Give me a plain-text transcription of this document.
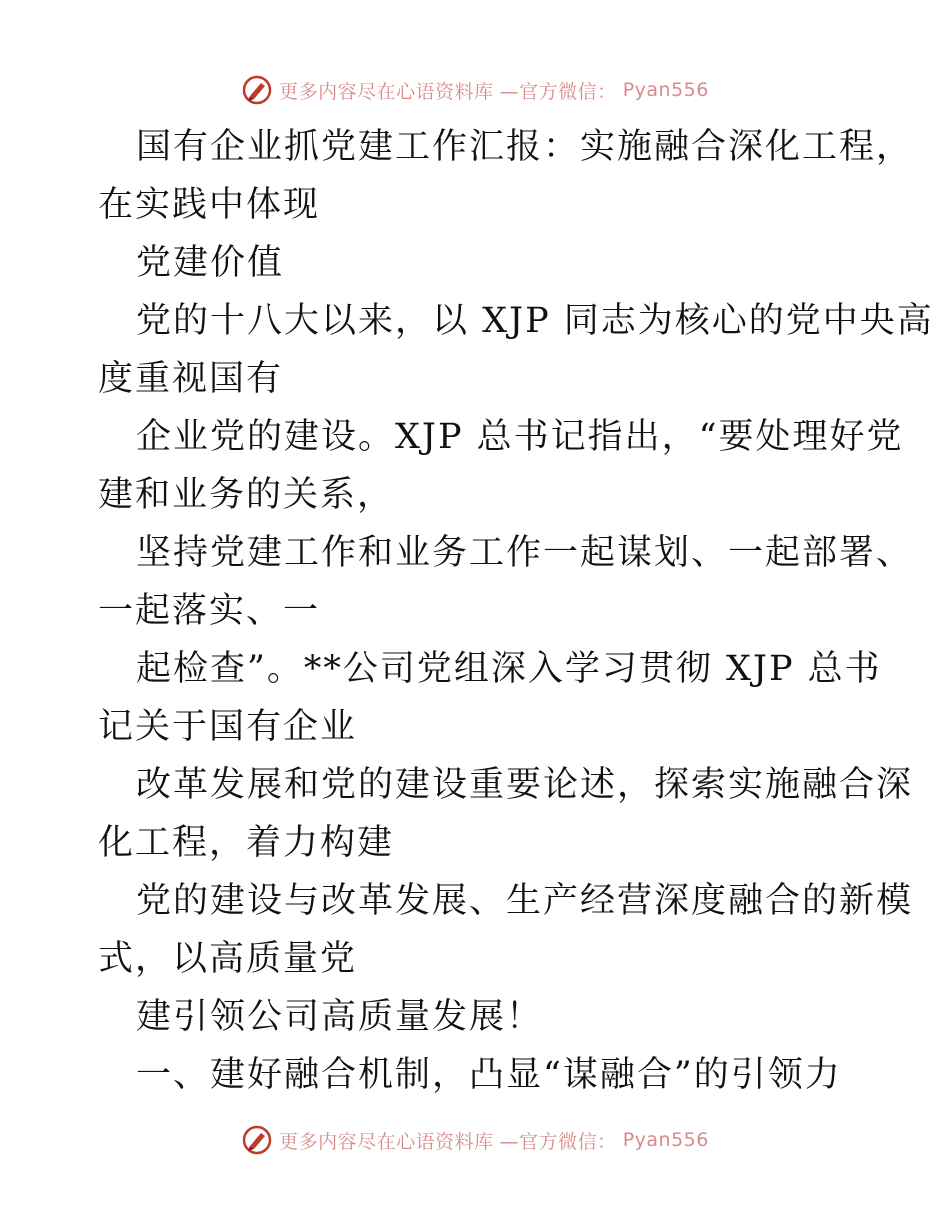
更多内容尽在心语资料库 —官方微信： Pyan556
国有企业抓党建工作汇报：实施融合深化工程，
在实践中体现
党建价值
党的十八大以来，以 XJP 同志为核心的党中央高
度重视国有
企业党的建设。XJP 总书记指出，“要处理好党
建和业务的关系，
坚持党建工作和业务工作一起谋划、一起部署、
一起落实、一
起检查”。**公司党组深入学习贯彻 XJP 总书
记关于国有企业
改革发展和党的建设重要论述，探索实施融合深
化工程，着力构建
党的建设与改革发展、生产经营深度融合的新模
式，以高质量党
建引领公司高质量发展！
一、建好融合机制，凸显“谋融合”的引领力
更多内容尽在心语资料库 —官方微信： Pyan556
